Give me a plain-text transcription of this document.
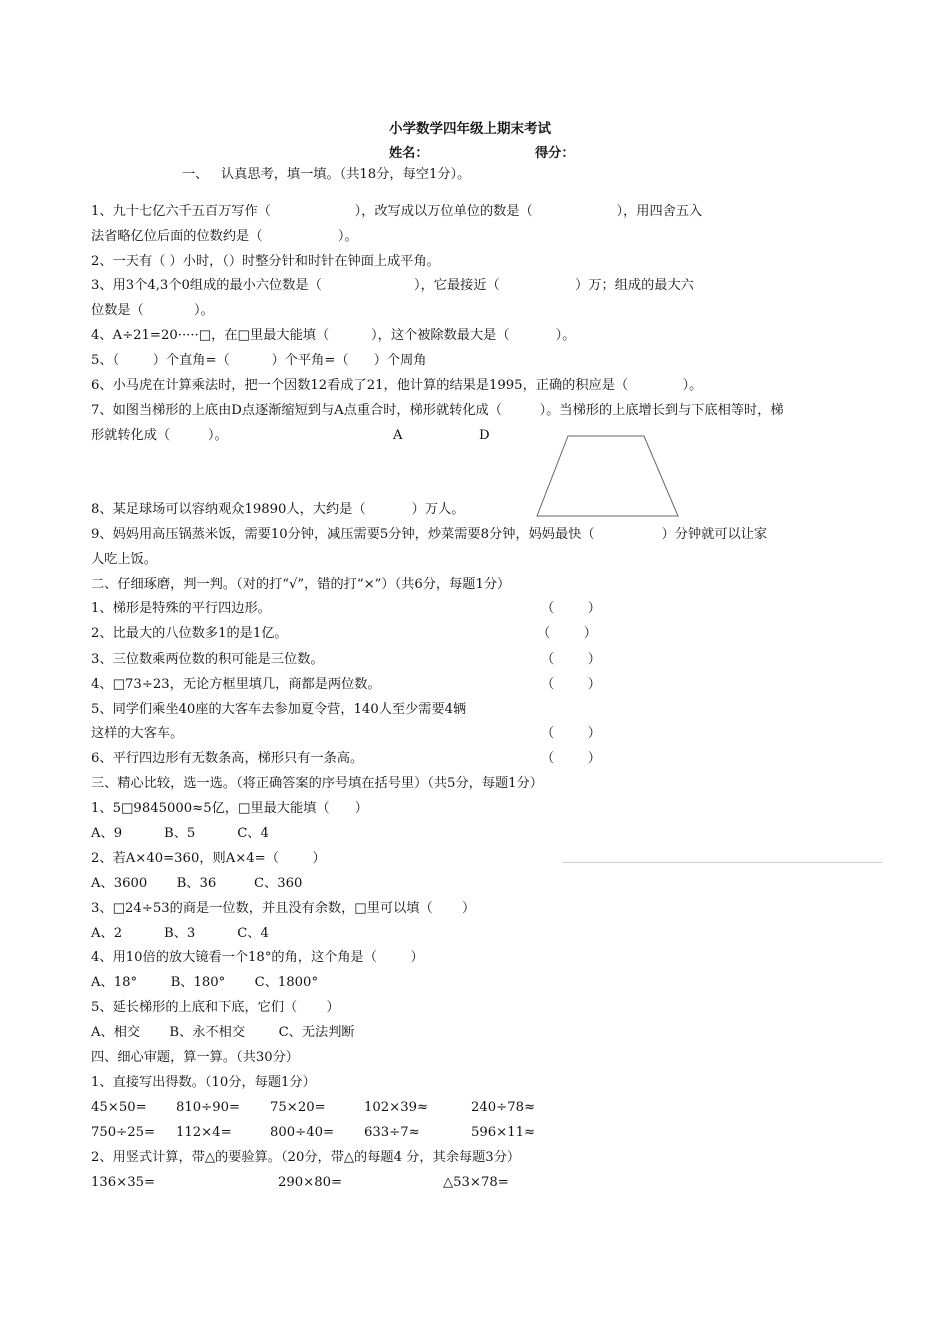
小学数学四年级上期末考试
姓名：	得分：
一、   认真思考，填一填。（共18分，每空1分）。
1、九十七亿六千五百万写作（                    ），改写成以万位单位的数是（                    ），用四舍五入
法省略亿位后面的位数约是（                  ）。
2、一天有（ ）小时，（）时整分针和时针在钟面上成平角。
3、用3个4,3个0组成的最小六位数是（                      ），它最接近（                  ）万；组成的最大六
位数是（            ）。
4、A÷21=20·····□，在□里最大能填（          ），这个被除数最大是（           ）。
5、（        ）个直角=（          ）个平角=（      ）个周角
6、小马虎在计算乘法时，把一个因数12看成了21，他计算的结果是1995，正确的积应是（             ）。
7、如图当梯形的上底由D点逐渐缩短到与A点重合时，梯形就转化成（         ）。当梯形的上底增长到与下底相等时，梯
形就转化成（         ）。	A	D
8、某足球场可以容纳观众19890人，大约是（           ）万人。
9、妈妈用高压锅蒸米饭，需要10分钟，减压需要5分钟，炒菜需要8分钟，妈妈最快（                ）分钟就可以让家
人吃上饭。
二、仔细琢磨，判一判。（对的打“√”，错的打“×”）（共6分，每题1分）
1、梯形是特殊的平行四边形。	（        ）
2、比最大的八位数多1的是1亿。	（        ）
3、三位数乘两位数的积可能是三位数。	（        ）
4、□73÷23，无论方框里填几，商都是两位数。	（        ）
5、同学们乘坐40座的大客车去参加夏令营，140人至少需要4辆
这样的大客车。	（        ）
6、平行四边形有无数条高，梯形只有一条高。	（        ）
三、精心比较，选一选。（将正确答案的序号填在括号里）（共5分，每题1分）
1、5□9845000≈5亿，□里最大能填（      ）
A、9          B、5          C、4
2、若A×40=360，则A×4=（        ）
A、3600       B、36         C、360
3、□24÷53的商是一位数，并且没有余数，□里可以填（       ）
A、2          B、3          C、4
4、用10倍的放大镜看一个18°的角，这个角是（        ）
A、18°        B、180°       C、1800°
5、延长梯形的上底和下底，它们（       ）
A、相交       B、永不相交        C、无法判断
四、细心审题，算一算。（共30分）
1、直接写出得数。（10分，每题1分）
45×50= 810÷90= 75×20=	102×39≈	240÷78≈
750÷25= 112×4=	800÷40= 633÷7≈	596×11≈
2、用竖式计算，带△的要验算。（20分，带△的每题4 分，其余每题3分）
136×35=	290×80=	△53×78=
